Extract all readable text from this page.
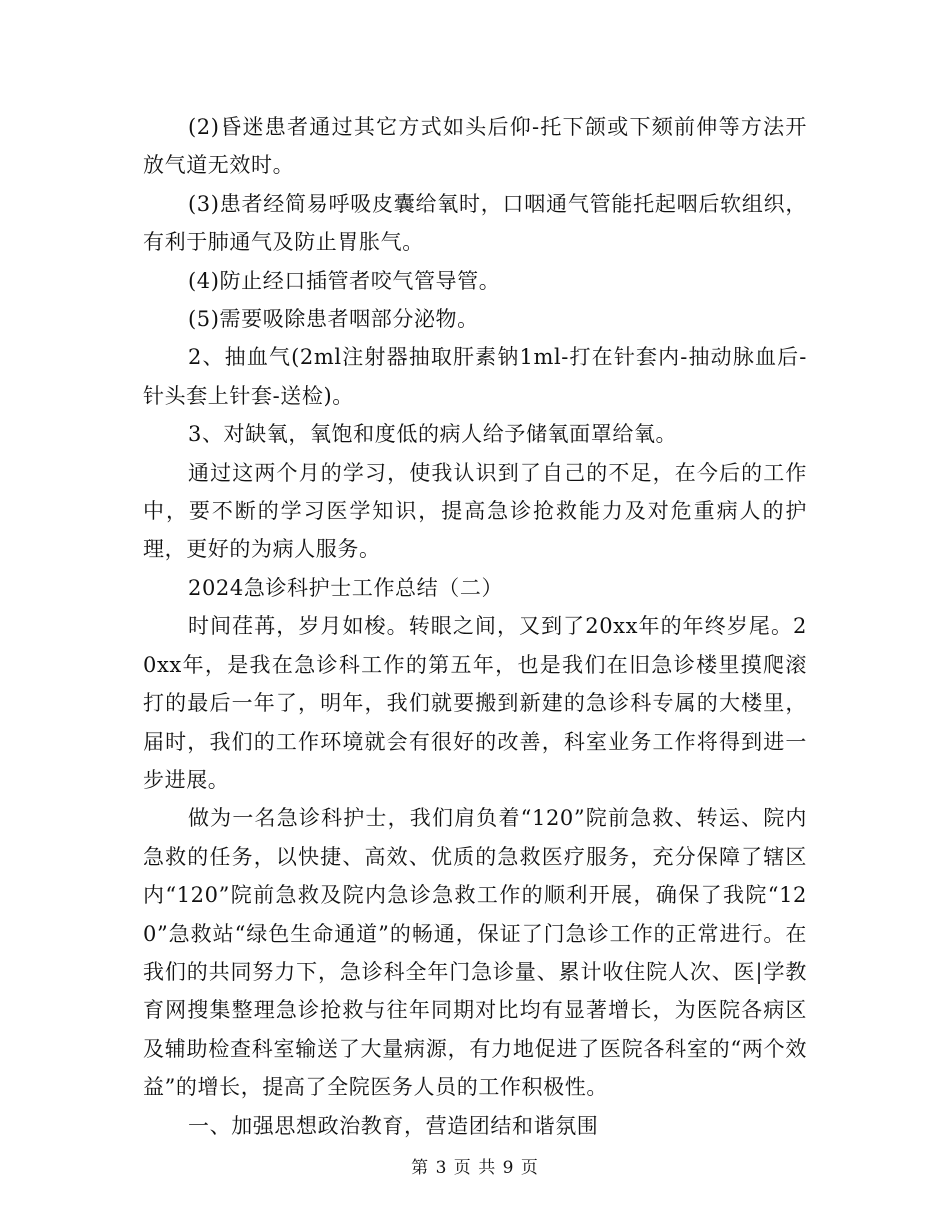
(2)昏迷患者通过其它方式如头后仰-托下颌或下颏前伸等方法开放气道无效时。

(3)患者经简易呼吸皮囊给氧时，口咽通气管能托起咽后软组织，有利于肺通气及防止胃胀气。

(4)防止经口插管者咬气管导管。

(5)需要吸除患者咽部分泌物。

2、抽血气(2ml注射器抽取肝素钠1ml-打在针套内-抽动脉血后-针头套上针套-送检)。

3、对缺氧，氧饱和度低的病人给予储氧面罩给氧。

通过这两个月的学习，使我认识到了自己的不足，在今后的工作中，要不断的学习医学知识，提高急诊抢救能力及对危重病人的护理，更好的为病人服务。

2024急诊科护士工作总结（二）

时间荏苒，岁月如梭。转眼之间，又到了20xx年的年终岁尾。20xx年，是我在急诊科工作的第五年，也是我们在旧急诊楼里摸爬滚打的最后一年了，明年，我们就要搬到新建的急诊科专属的大楼里，届时，我们的工作环境就会有很好的改善，科室业务工作将得到进一步进展。

做为一名急诊科护士，我们肩负着“120”院前急救、转运、院内急救的任务，以快捷、高效、优质的急救医疗服务，充分保障了辖区内“120”院前急救及院内急诊急救工作的顺利开展，确保了我院“120”急救站“绿色生命通道”的畅通，保证了门急诊工作的正常进行。在我们的共同努力下，急诊科全年门急诊量、累计收住院人次、医|学教育网搜集整理急诊抢救与往年同期对比均有显著增长，为医院各病区及辅助检查科室输送了大量病源，有力地促进了医院各科室的“两个效益”的增长，提高了全院医务人员的工作积极性。

一、加强思想政治教育，营造团结和谐氛围

第 3 页 共 9 页
